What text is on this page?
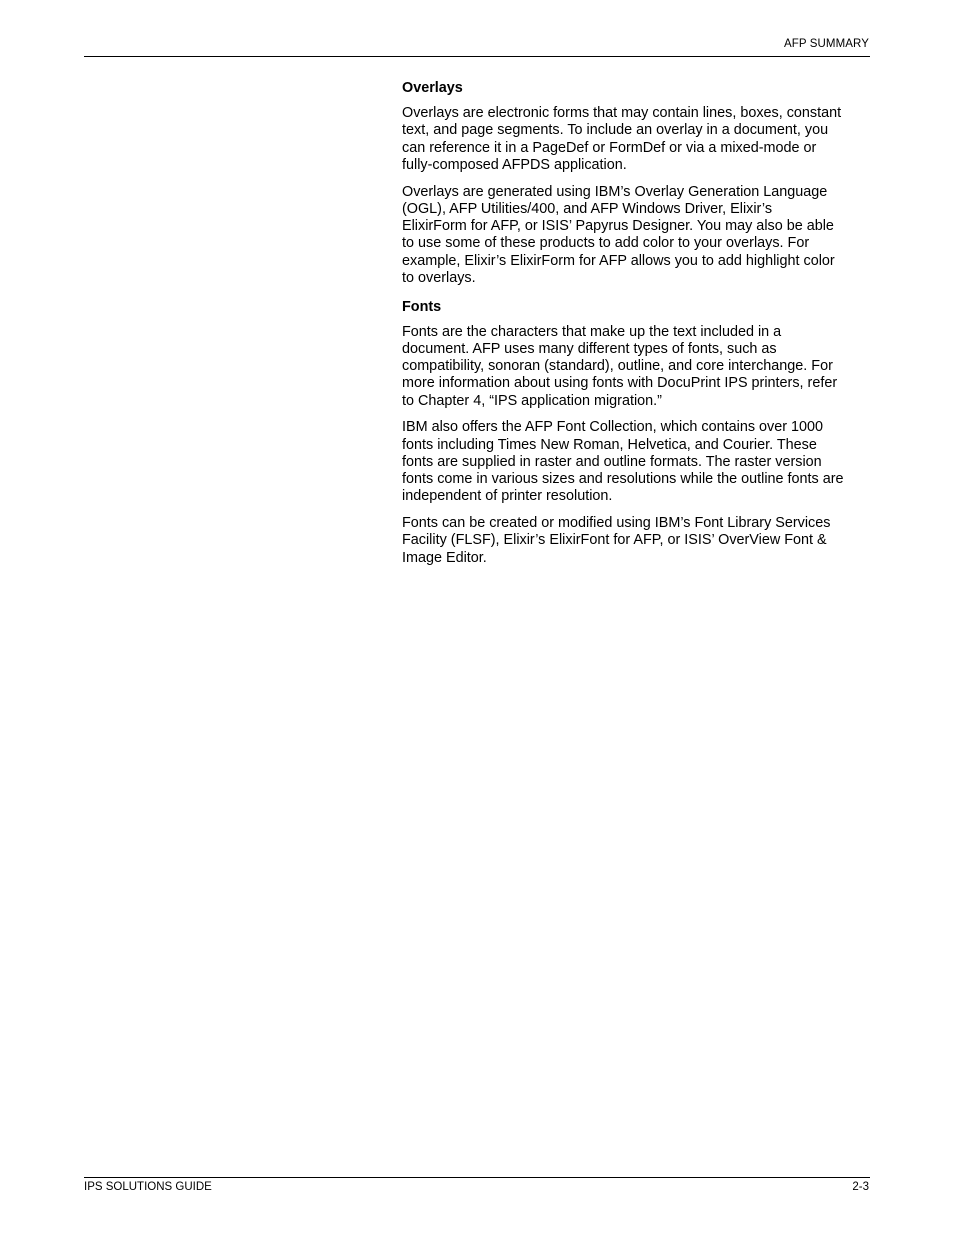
AFP SUMMARY
Overlays
Overlays are electronic forms that may contain lines, boxes, constant
text, and page segments. To include an overlay in a document, you
can reference it in a PageDef or FormDef or via a mixed-mode or
fully-composed AFPDS application.
Overlays are generated using IBM’s Overlay Generation Language
(OGL), AFP Utilities/400, and AFP Windows Driver, Elixir’s
ElixirForm for AFP, or ISIS’ Papyrus Designer. You may also be able
to use some of these products to add color to your overlays. For
example, Elixir’s ElixirForm for AFP allows you to add highlight color
to overlays.
Fonts
Fonts are the characters that make up the text included in a
document. AFP uses many different types of fonts, such as
compatibility, sonoran (standard), outline, and core interchange. For
more information about using fonts with DocuPrint IPS printers, refer
to Chapter 4, “IPS application migration.”
IBM also offers the AFP Font Collection, which contains over 1000
fonts including Times New Roman, Helvetica, and Courier. These
fonts are supplied in raster and outline formats. The raster version
fonts come in various sizes and resolutions while the outline fonts are
independent of printer resolution.
Fonts can be created or modified using IBM’s Font Library Services
Facility (FLSF), Elixir’s ElixirFont for AFP, or ISIS’ OverView Font &
Image Editor.
IPS SOLUTIONS GUIDE	2-3
